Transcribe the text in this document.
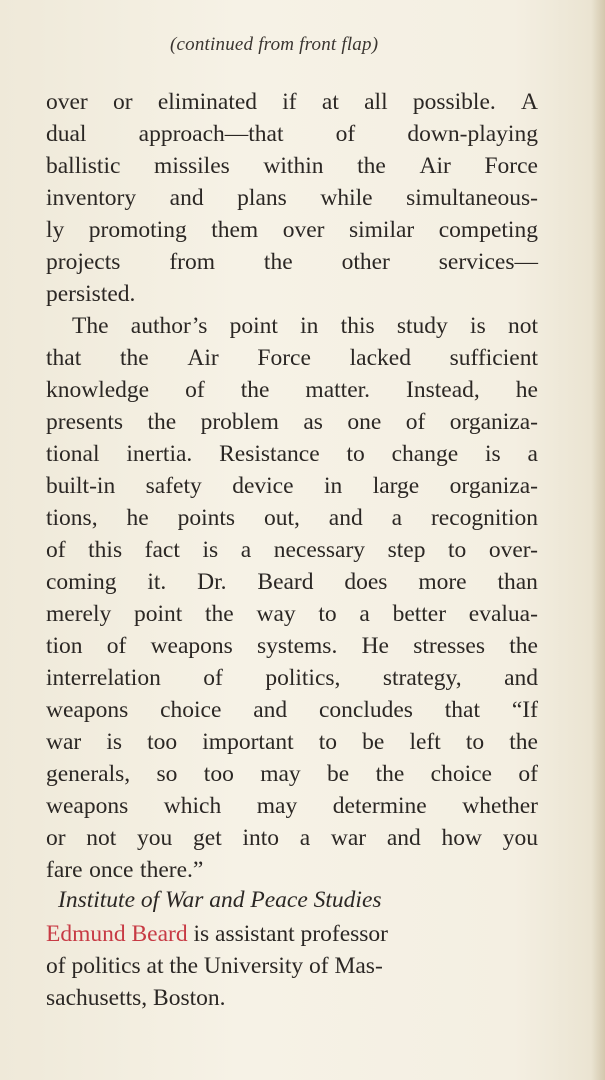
(continued from front flap)
over or eliminated if at all possible. A
dual approach—that of down-playing
ballistic missiles within the Air Force
inventory and plans while simultaneous-
ly promoting them over similar competing
projects from the other services—
persisted.
The author’s point in this study is not
that the Air Force lacked sufficient
knowledge of the matter. Instead, he
presents the problem as one of organiza-
tional inertia. Resistance to change is a
built-in safety device in large organiza-
tions, he points out, and a recognition
of this fact is a necessary step to over-
coming it. Dr. Beard does more than
merely point the way to a better evalua-
tion of weapons systems. He stresses the
interrelation of politics, strategy, and
weapons choice and concludes that “If
war is too important to be left to the
generals, so too may be the choice of
weapons which may determine whether
or not you get into a war and how you
fare once there.”
Institute of War and Peace Studies
Edmund Beard is assistant professor
of politics at the University of Mas-
sachusetts, Boston.
